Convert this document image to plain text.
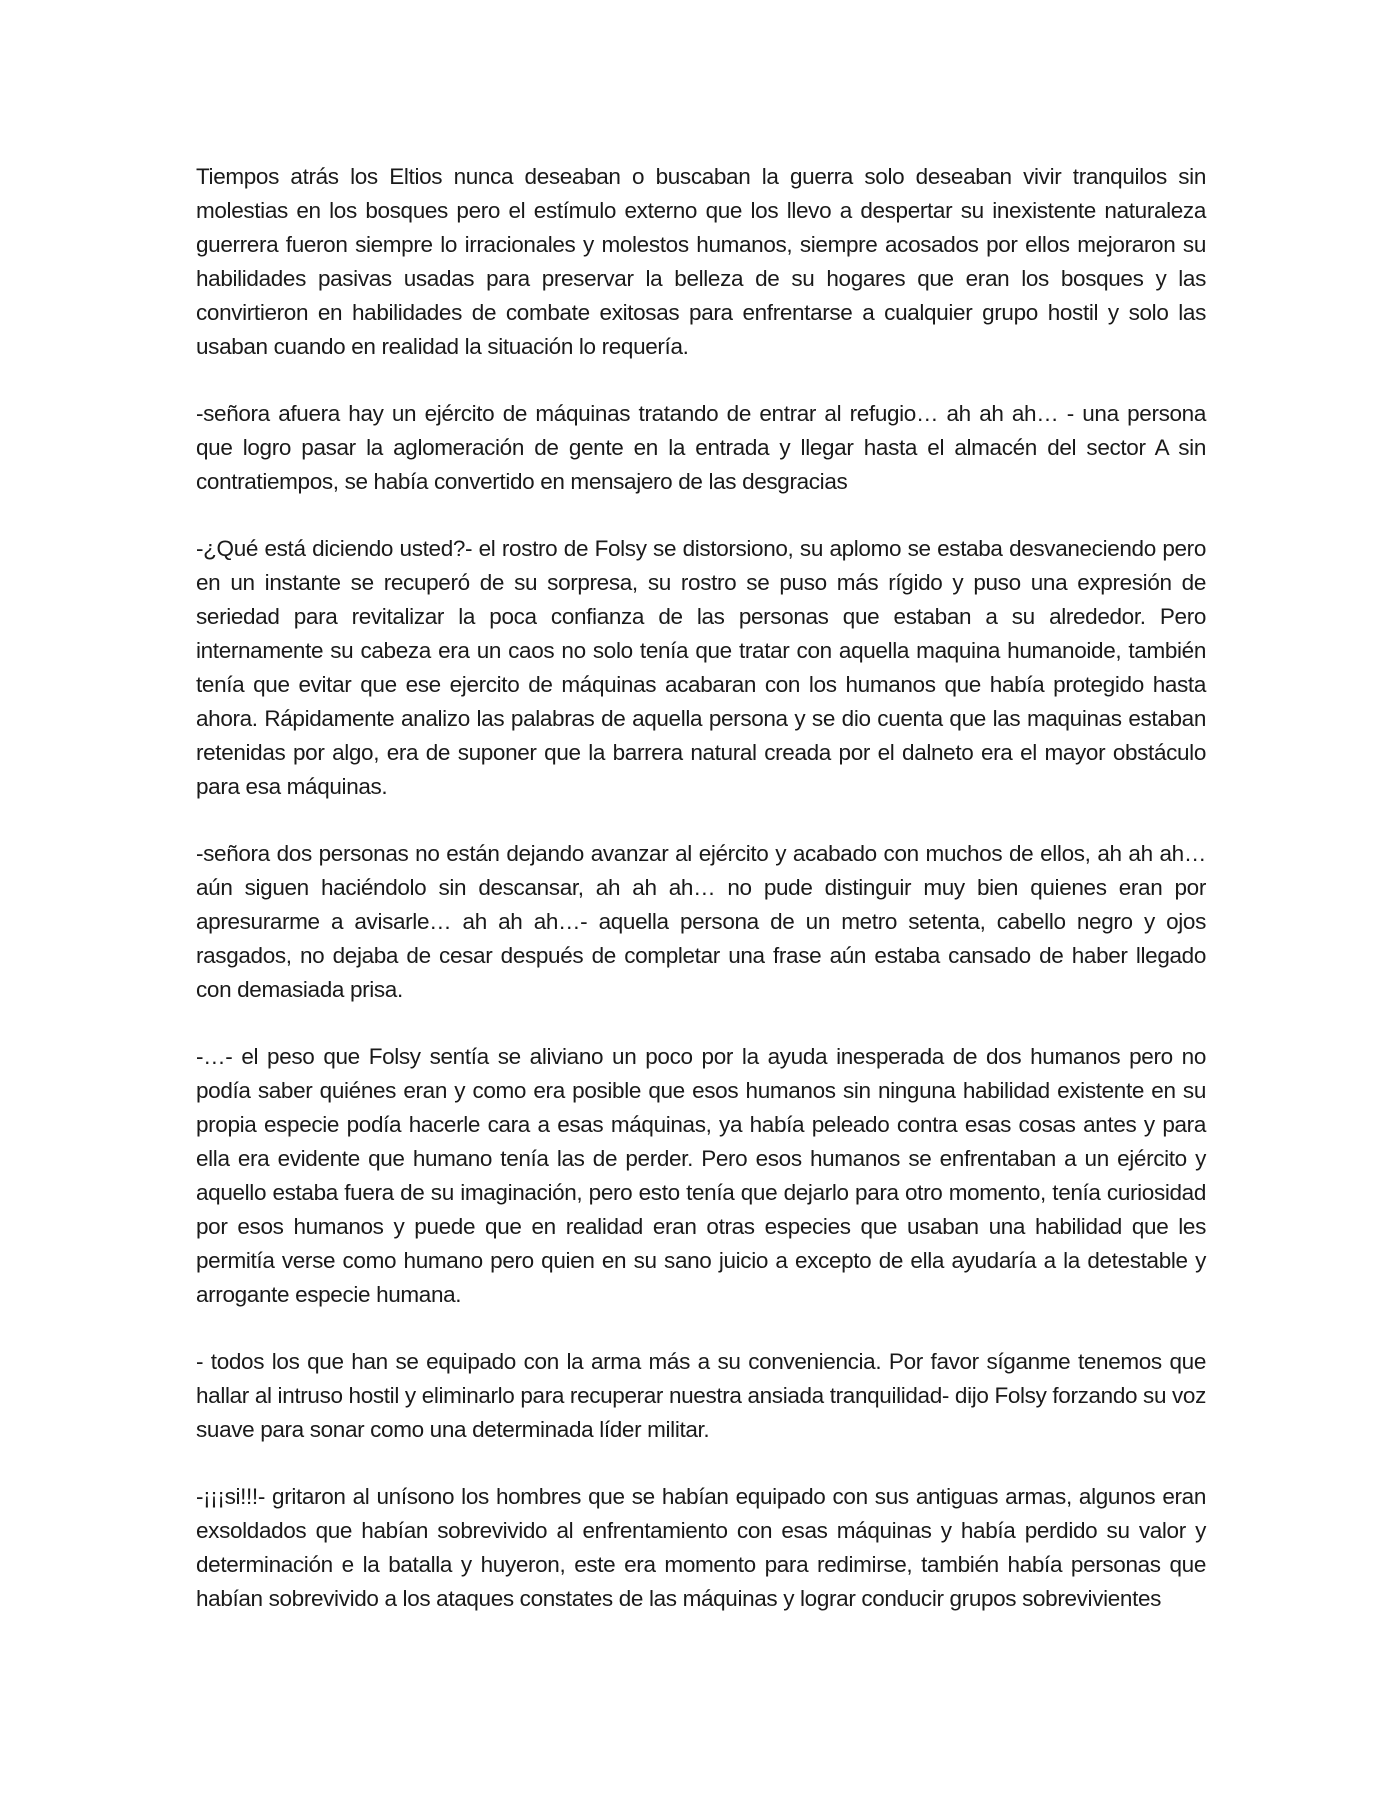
Tiempos atrás los Eltios nunca deseaban o buscaban la guerra solo deseaban vivir tranquilos sin molestias en los bosques pero el estímulo externo que los llevo a despertar su inexistente naturaleza guerrera fueron siempre lo irracionales y molestos humanos, siempre acosados por ellos mejoraron su habilidades pasivas usadas para preservar la belleza de su hogares que eran los bosques y las convirtieron en habilidades de combate exitosas para enfrentarse a cualquier grupo hostil y solo las usaban cuando en realidad la situación lo requería.

-señora afuera hay un ejército de máquinas tratando de entrar al refugio… ah ah ah… - una persona que logro pasar la aglomeración de gente en la entrada y llegar hasta el almacén del sector A sin contratiempos, se había convertido en mensajero de las desgracias

-¿Qué está diciendo usted?- el rostro de Folsy se distorsiono, su aplomo se estaba desvaneciendo pero en un instante se recuperó de su sorpresa, su rostro se puso más rígido y puso una expresión de seriedad para revitalizar la poca confianza de las personas que estaban a su alrededor. Pero internamente su cabeza era un caos no solo tenía que tratar con aquella maquina humanoide, también tenía que evitar que ese ejercito de máquinas acabaran con los humanos que había protegido hasta ahora. Rápidamente analizo las palabras de aquella persona y se dio cuenta que las maquinas estaban retenidas por algo, era de suponer que la barrera natural creada por el dalneto era el mayor obstáculo para esa máquinas.

-señora dos personas no están dejando avanzar al ejército y acabado con muchos de ellos, ah ah ah… aún siguen haciéndolo sin descansar, ah ah ah… no pude distinguir muy bien quienes eran por apresurarme a avisarle… ah ah ah…- aquella persona de un metro setenta, cabello negro y ojos rasgados, no dejaba de cesar después de completar una frase aún estaba cansado de haber llegado con demasiada prisa.

-…- el peso que Folsy sentía se aliviano un poco por la ayuda inesperada de dos humanos pero no podía saber quiénes eran y como era posible que esos humanos sin ninguna habilidad existente en su propia especie podía hacerle cara a esas máquinas, ya había peleado contra esas cosas antes y para ella era evidente que humano tenía las de perder. Pero esos humanos se enfrentaban a un ejército y aquello estaba fuera de su imaginación, pero esto tenía que dejarlo para otro momento, tenía curiosidad por esos humanos y puede que en realidad eran otras especies que usaban una habilidad que les permitía verse como humano pero quien en su sano juicio a excepto de ella ayudaría a la detestable y arrogante especie humana.

- todos los que han se equipado con la arma más a su conveniencia. Por favor síganme tenemos que hallar al intruso hostil y eliminarlo para recuperar nuestra ansiada tranquilidad- dijo Folsy forzando su voz suave para sonar como una determinada líder militar.

-¡¡¡si!!!- gritaron al unísono los hombres que se habían equipado con sus antiguas armas, algunos eran exsoldados que habían sobrevivido al enfrentamiento con esas máquinas y había perdido su valor y determinación e la batalla y huyeron, este era momento para redimirse, también había personas que habían sobrevivido a los ataques constates de las máquinas y lograr conducir grupos sobrevivientes
